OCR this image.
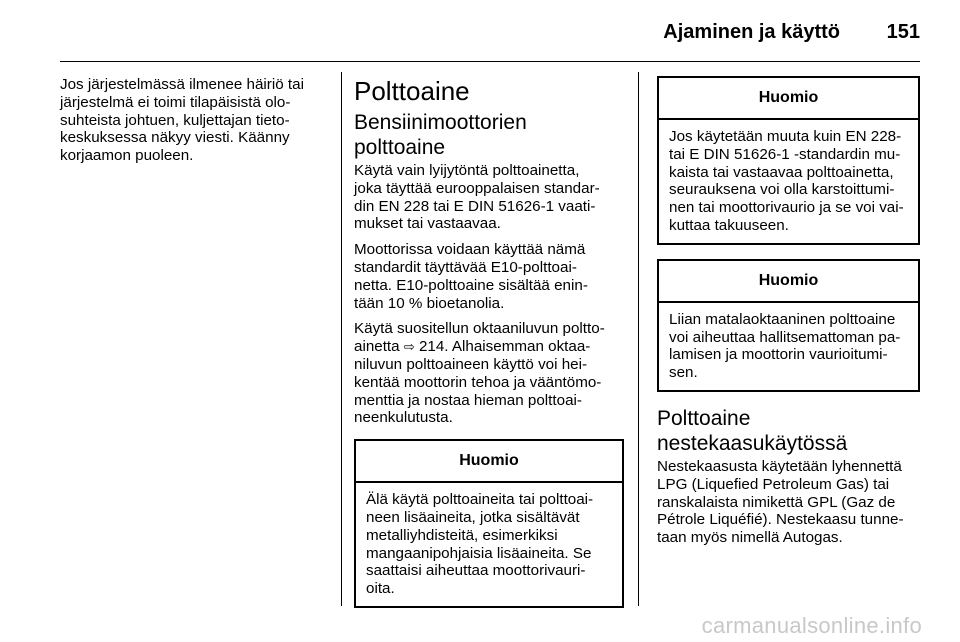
Ajaminen ja käyttö	151

Jos järjestelmässä ilmenee häiriö tai
järjestelmä ei toimi tilapäisistä olo-
suhteista johtuen, kuljettajan tieto-
keskuksessa näkyy viesti. Käänny
korjaamon puoleen.

Polttoaine
Bensiinimoottorien
polttoaine

Käytä vain lyijytöntä polttoainetta,
joka täyttää eurooppalaisen standar-
din EN 228 tai E DIN 51626-1 vaati-
mukset tai vastaavaa.

Moottorissa voidaan käyttää nämä
standardit täyttävää E10-polttoai-
netta. E10-polttoaine sisältää enin-
tään 10 % bioetanolia.

Käytä suositellun oktaaniluvun poltto-
ainetta ⇨ 214. Alhaisemman oktaa-
niluvun polttoaineen käyttö voi hei-
kentää moottorin tehoa ja vääntömo-
menttia ja nostaa hieman polttoai-
neenkulutusta.

Huomio

Älä käytä polttoaineita tai polttoai-
neen lisäaineita, jotka sisältävät
metalliyhdisteitä, esimerkiksi
mangaanipohjaisia lisäaineita. Se
saattaisi aiheuttaa moottorivauri-
oita.

Huomio

Jos käytetään muuta kuin EN 228-
tai E DIN 51626-1 -standardin mu-
kaista tai vastaavaa polttoainetta,
seurauksena voi olla karstoittumi-
nen tai moottorivaurio ja se voi vai-
kuttaa takuuseen.

Huomio

Liian matalaoktaaninen polttoaine
voi aiheuttaa hallitsemattoman pa-
lamisen ja moottorin vaurioitumi-
sen.

Polttoaine
nestekaasukäytössä

Nestekaasusta käytetään lyhennettä
LPG (Liquefied Petroleum Gas) tai
ranskalaista nimikettä GPL (Gaz de
Pétrole Liquéfié). Nestekaasu tunne-
taan myös nimellä Autogas.

carmanualsonline.info
